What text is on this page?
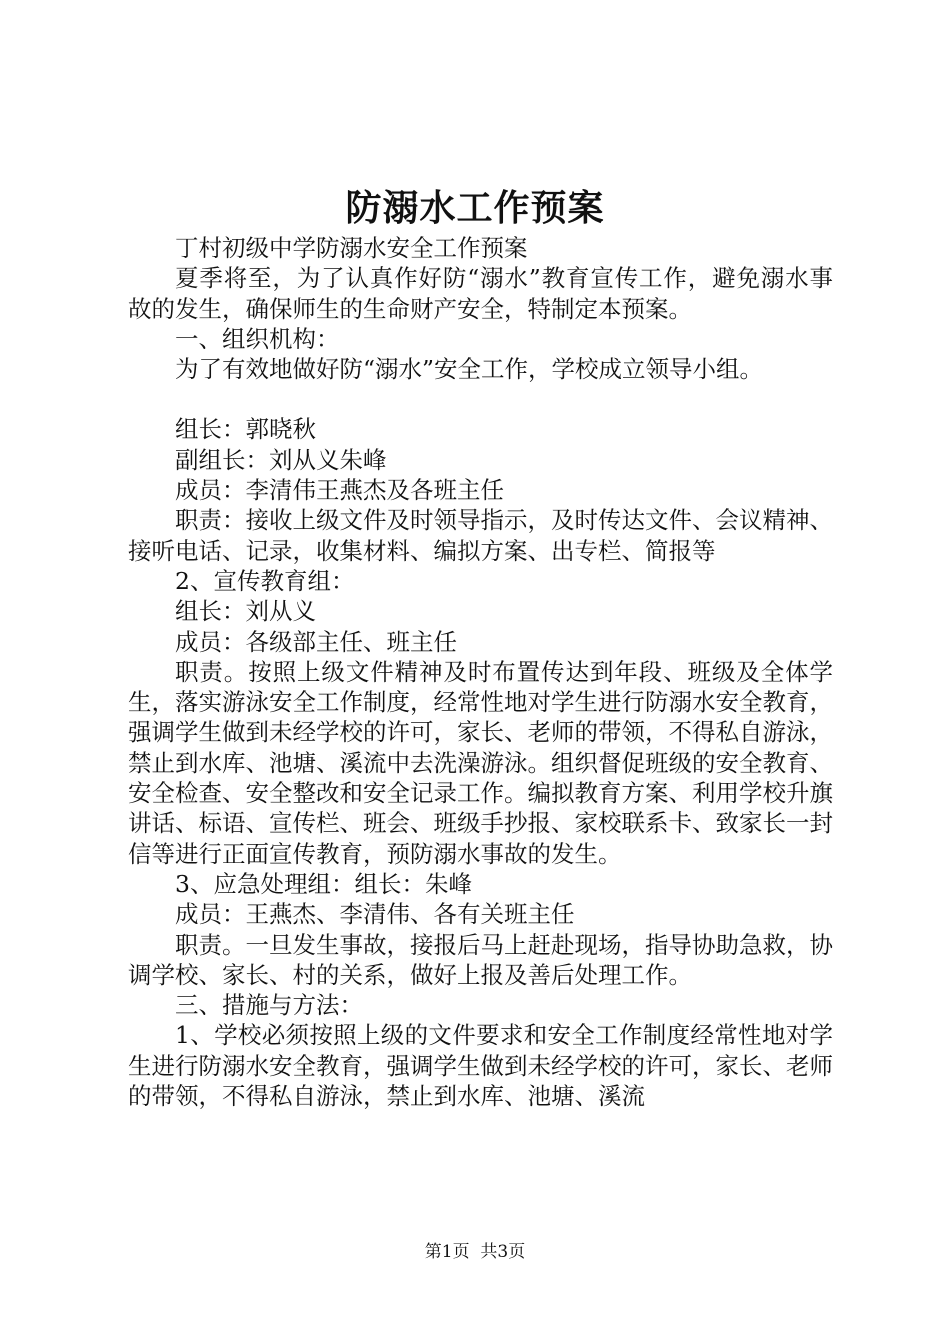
防溺水工作预案

丁村初级中学防溺水安全工作预案

夏季将至，为了认真作好防“溺水”教育宣传工作，避免溺水事故的发生，确保师生的生命财产安全，特制定本预案。

一、组织机构：

为了有效地做好防“溺水”安全工作，学校成立领导小组。

组长：郭晓秋

副组长：刘从义朱峰

成员：李清伟王燕杰及各班主任

职责：接收上级文件及时领导指示，及时传达文件、会议精神、接听电话、记录，收集材料、编拟方案、出专栏、简报等

2、宣传教育组：

组长：刘从义

成员：各级部主任、班主任

职责。按照上级文件精神及时布置传达到年段、班级及全体学生，落实游泳安全工作制度，经常性地对学生进行防溺水安全教育，强调学生做到未经学校的许可，家长、老师的带领，不得私自游泳，禁止到水库、池塘、溪流中去洗澡游泳。组织督促班级的安全教育、安全检查、安全整改和安全记录工作。编拟教育方案、利用学校升旗讲话、标语、宣传栏、班会、班级手抄报、家校联系卡、致家长一封信等进行正面宣传教育，预防溺水事故的发生。

3、应急处理组：组长：朱峰

成员：王燕杰、李清伟、各有关班主任

职责。一旦发生事故，接报后马上赶赴现场，指导协助急救，协调学校、家长、村的关系，做好上报及善后处理工作。

三、措施与方法：

1、学校必须按照上级的文件要求和安全工作制度经常性地对学生进行防溺水安全教育，强调学生做到未经学校的许可，家长、老师的带领，不得私自游泳，禁止到水库、池塘、溪流

第1页 共3页
